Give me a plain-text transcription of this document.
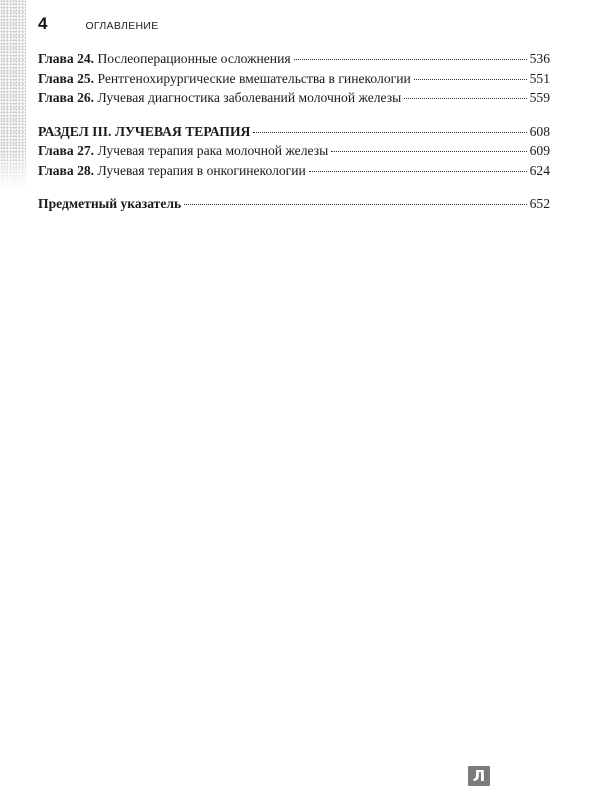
4	ОГЛАВЛЕНИЕ
Глава 24. Послеоперационные осложнения	536
Глава 25. Рентгенохирургические вмешательства в гинекологии	551
Глава 26. Лучевая диагностика заболеваний молочной железы	559
РАЗДЕЛ III. ЛУЧЕВАЯ ТЕРАПИЯ	608
Глава 27. Лучевая терапия рака молочной железы	609
Глава 28. Лучевая терапия в онкогинекологии	624
Предметный указатель	652
Л
